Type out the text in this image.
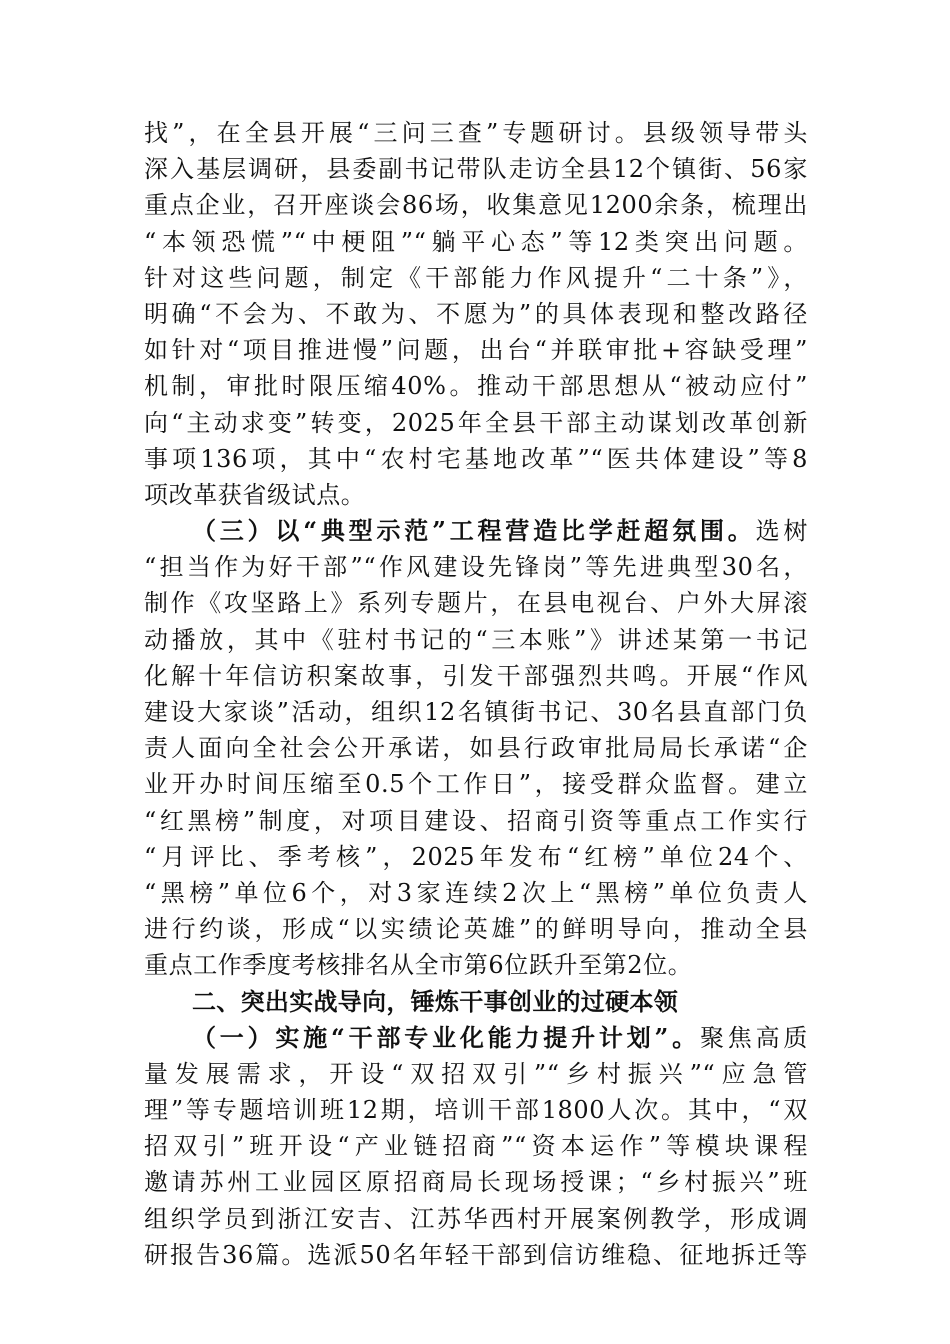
找”，在全县开展“三问三查”专题研讨。县级领导带头
深入基层调研，县委副书记带队走访全县12个镇街、56家
重点企业，召开座谈会86场，收集意见1200余条，梳理出
“本领恐慌”“中梗阻”“躺平心态”等12类突出问题。
针对这些问题，制定《干部能力作风提升“二十条”》，
明确“不会为、不敢为、不愿为”的具体表现和整改路径
如针对“项目推进慢”问题，出台“并联审批+容缺受理”
机制，审批时限压缩40%。推动干部思想从“被动应付”
向“主动求变”转变，2025年全县干部主动谋划改革创新
事项136项，其中“农村宅基地改革”“医共体建设”等8
项改革获省级试点。
（三）以“典型示范”工程营造比学赶超氛围。选树
“担当作为好干部”“作风建设先锋岗”等先进典型30名，
制作《攻坚路上》系列专题片，在县电视台、户外大屏滚
动播放，其中《驻村书记的“三本账”》讲述某第一书记
化解十年信访积案故事，引发干部强烈共鸣。开展“作风
建设大家谈”活动，组织12名镇街书记、30名县直部门负
责人面向全社会公开承诺，如县行政审批局局长承诺“企
业开办时间压缩至0.5个工作日”，接受群众监督。建立
“红黑榜”制度，对项目建设、招商引资等重点工作实行
“月评比、季考核”，2025年发布“红榜”单位24个、
“黑榜”单位6个，对3家连续2次上“黑榜”单位负责人
进行约谈，形成“以实绩论英雄”的鲜明导向，推动全县
重点工作季度考核排名从全市第6位跃升至第2位。
二、突出实战导向，锤炼干事创业的过硬本领
（一）实施“干部专业化能力提升计划”。聚焦高质
量发展需求，开设“双招双引”“乡村振兴”“应急管
理”等专题培训班12期，培训干部1800人次。其中，“双
招双引”班开设“产业链招商”“资本运作”等模块课程
邀请苏州工业园区原招商局长现场授课；“乡村振兴”班
组织学员到浙江安吉、江苏华西村开展案例教学，形成调
研报告36篇。选派50名年轻干部到信访维稳、征地拆迁等
